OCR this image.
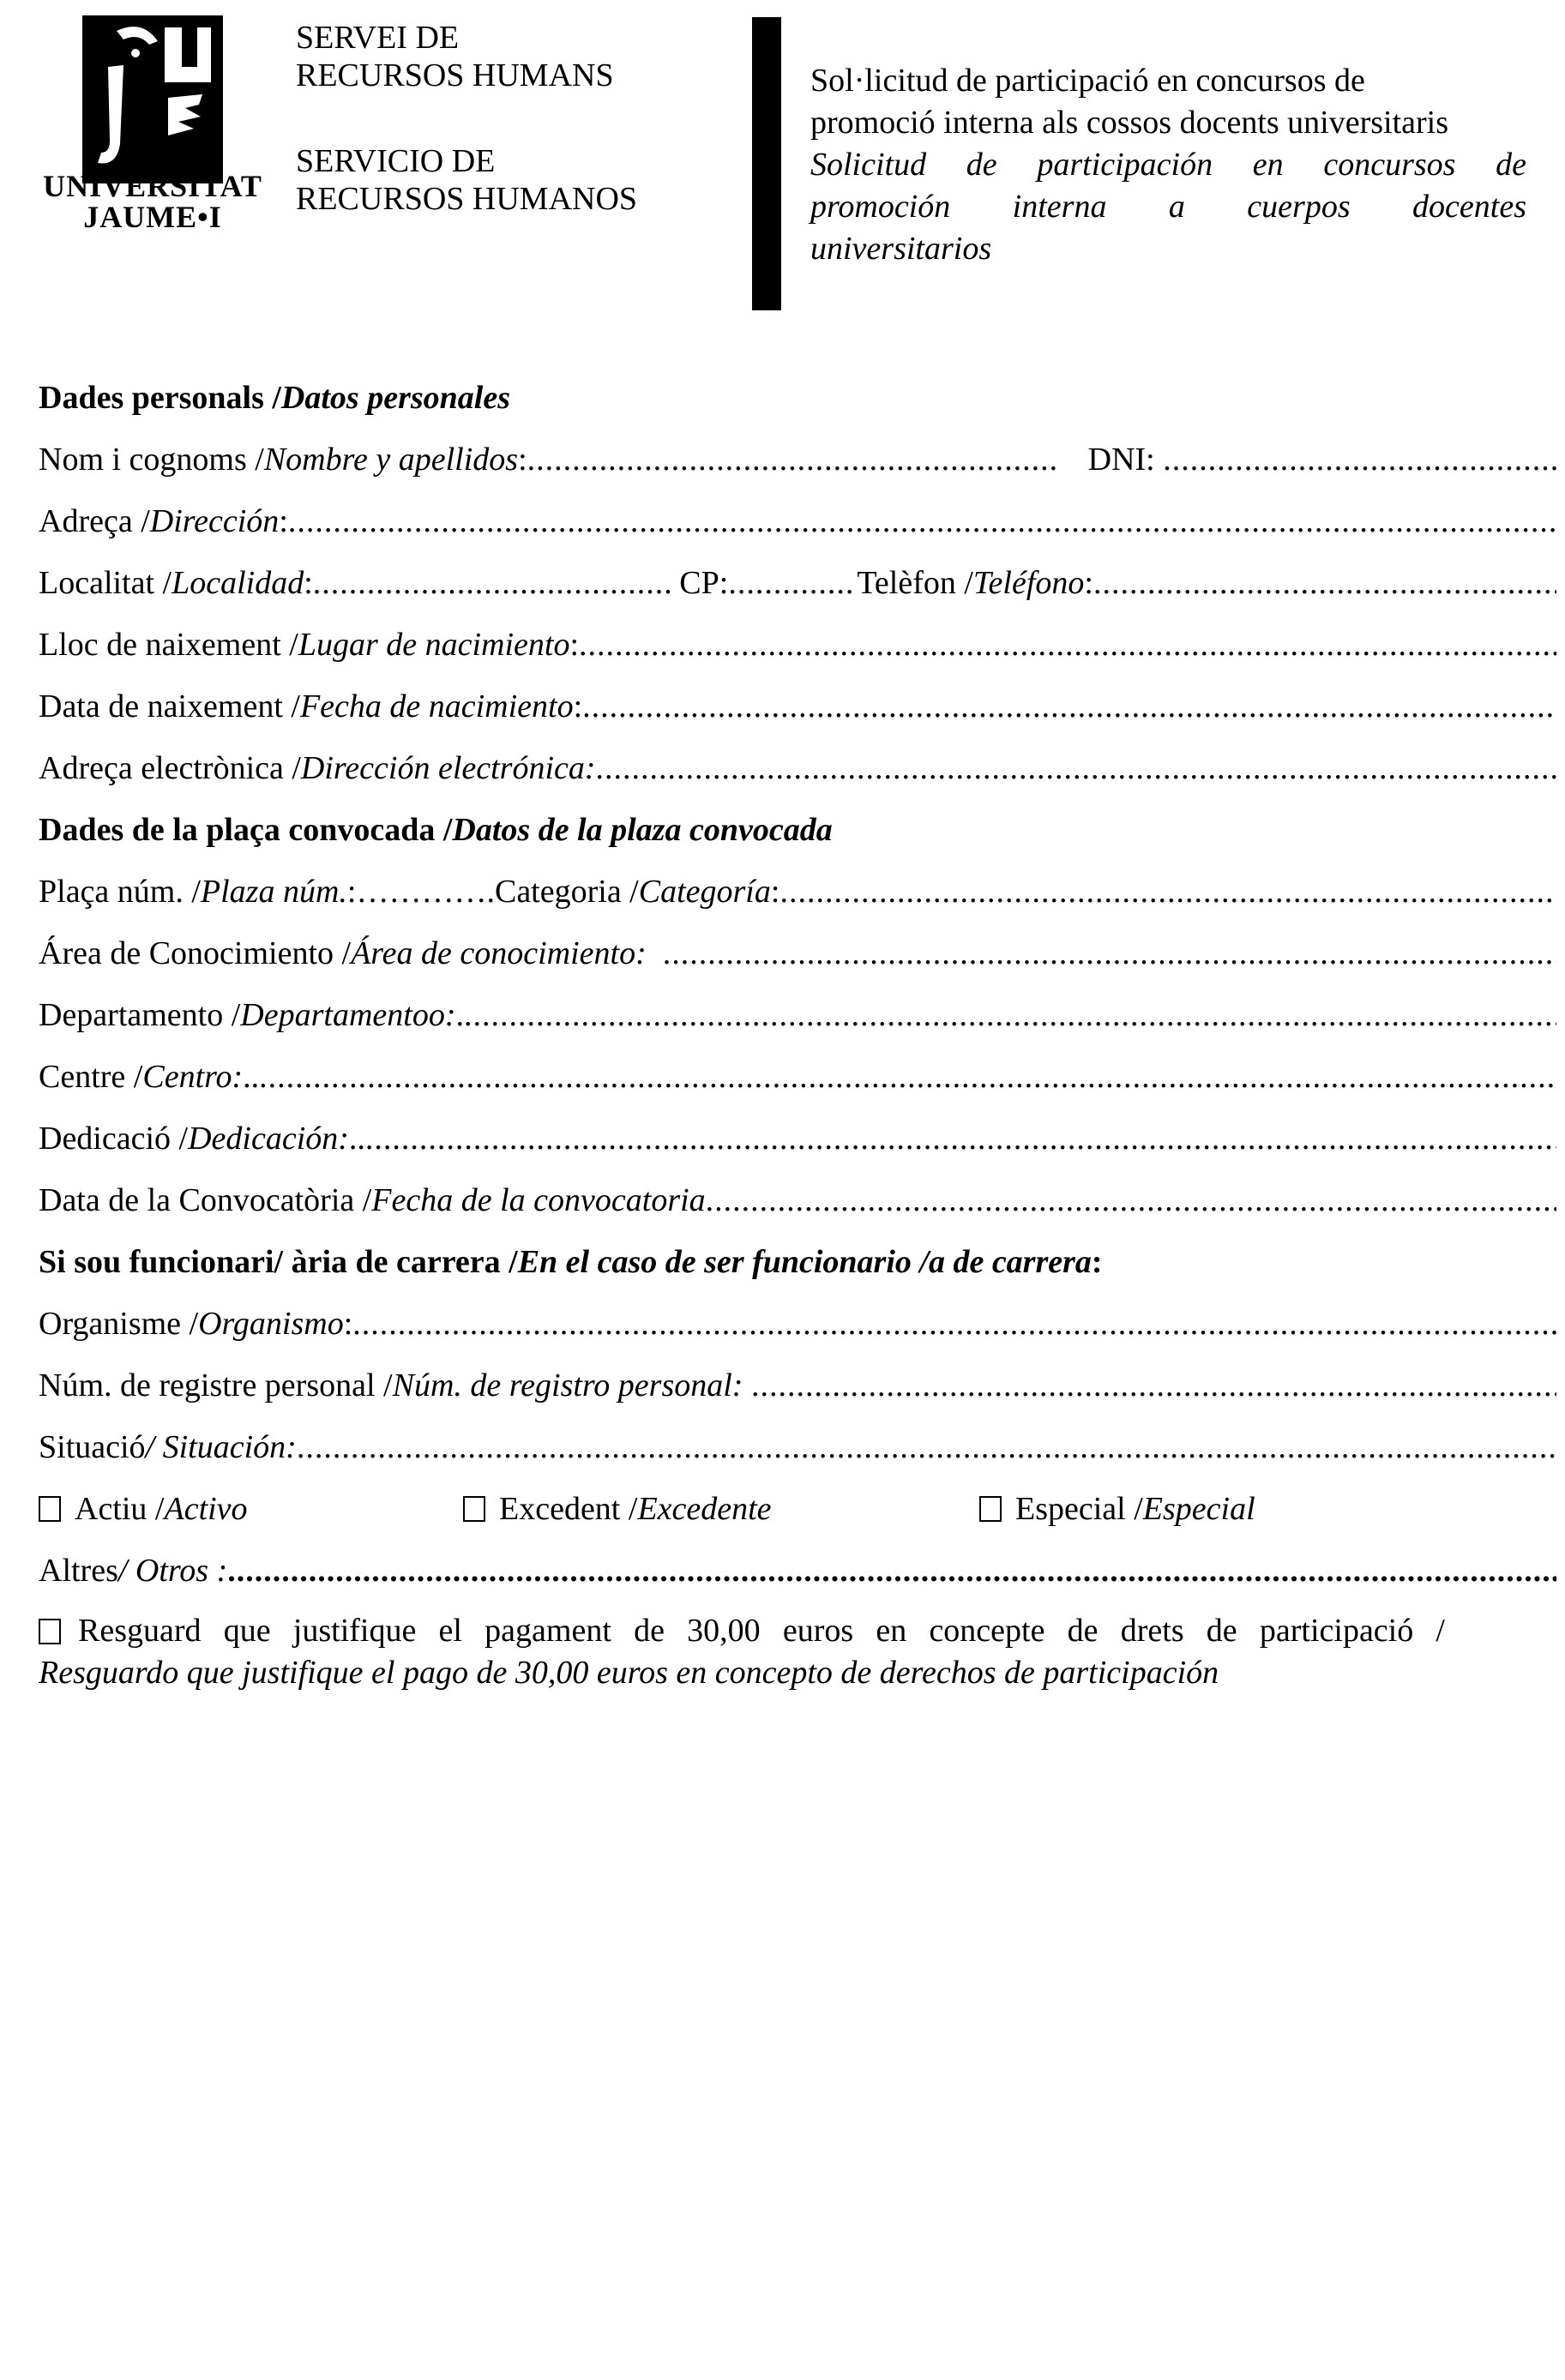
UNIVERSITAT
JAUME•I
SERVEI DE
RECURSOS HUMANS
SERVICIO DE
RECURSOS HUMANOS
Sol·licitud de participació en concursos de
promoció interna als cossos docents universitaris
Solicitud de participación en concursos de
promoción interna a cuerpos docentes
universitarios
Dades personals / Datos personales
Nom i cognoms / Nombre y apellidos : .....	DNI :
.....
Adreça / Dirección :
.....
Localitat / Localidad : .....
	CP : .....	Telèfon / Teléfono :
.....
Lloc de naixement / Lugar de nacimiento :
.....
Data de naixement / Fecha de nacimiento :
.....
Adreça electrònica / Dirección electrónica:
.....
Dades de la plaça convocada / Datos de la plaza convocada
Plaça núm. / Plaza núm. : …………. Categoria / Categoría :
.....
Área de Conocimiento / Área de conocimiento:

.....
Departamento / Departamentoo: .
.....
Centre / Centro: ..
.....
Dedicació / Dedicación: ..
.....
Data de la Convocatòria / Fecha de la convocatoria
.....
Si sou funcionari/ ària de carrera / En el caso de ser funcionario /a de carrera :
Organisme / Organismo :
.....
Núm. de registre personal / Núm. de registro personal:

.....
Situació / Situación:
.....
Actiu / Activo	Excedent / Excedente	Especial / Especial
Altres / Otros :
.....
Resguard que justifique el pagament de 30,00 euros en concepte de drets de participació /
Resguardo que justifique el pago de 30,00 euros en concepto de derechos de participación
